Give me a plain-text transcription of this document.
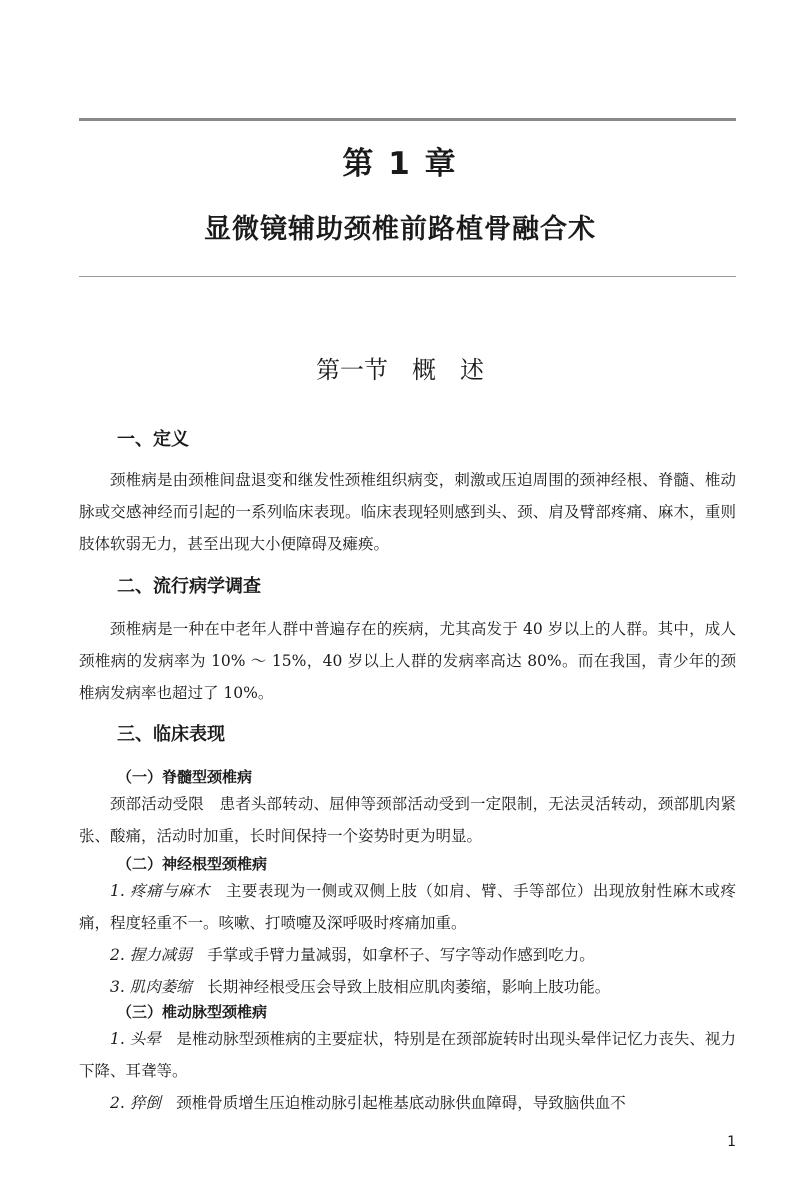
第 1 章
显微镜辅助颈椎前路植骨融合术
第一节　概　述
一、定义

颈椎病是由颈椎间盘退变和继发性颈椎组织病变，刺激或压迫周围的颈神经根、脊髓、椎动脉或交感神经而引起的一系列临床表现。临床表现轻则感到头、颈、肩及臂部疼痛、麻木，重则肢体软弱无力，甚至出现大小便障碍及瘫痪。

二、流行病学调查

颈椎病是一种在中老年人群中普遍存在的疾病，尤其高发于 40 岁以上的人群。其中，成人颈椎病的发病率为 10% ～ 15%，40 岁以上人群的发病率高达 80%。而在我国，青少年的颈椎病发病率也超过了 10%。

三、临床表现
（一）脊髓型颈椎病

颈部活动受限　 患者头部转动、屈伸等颈部活动受到一定限制，无法灵活转动，颈部肌肉紧张、酸痛，活动时加重，长时间保持一个姿势时更为明显。

（二）神经根型颈椎病

1. 疼痛与麻木　 主要表现为一侧或双侧上肢（如肩、臂、手等部位）出现放射性麻木或疼痛，程度轻重不一。咳嗽、打喷嚏及深呼吸时疼痛加重。

2. 握力减弱　 手掌或手臂力量减弱，如拿杯子、写字等动作感到吃力。

3. 肌肉萎缩　 长期神经根受压会导致上肢相应肌肉萎缩，影响上肢功能。

（三）椎动脉型颈椎病

1. 头晕　 是椎动脉型颈椎病的主要症状，特别是在颈部旋转时出现头晕伴记忆力丧失、视力下降、耳聋等。

2. 猝倒　 颈椎骨质增生压迫椎动脉引起椎基底动脉供血障碍，导致脑供血不

1
